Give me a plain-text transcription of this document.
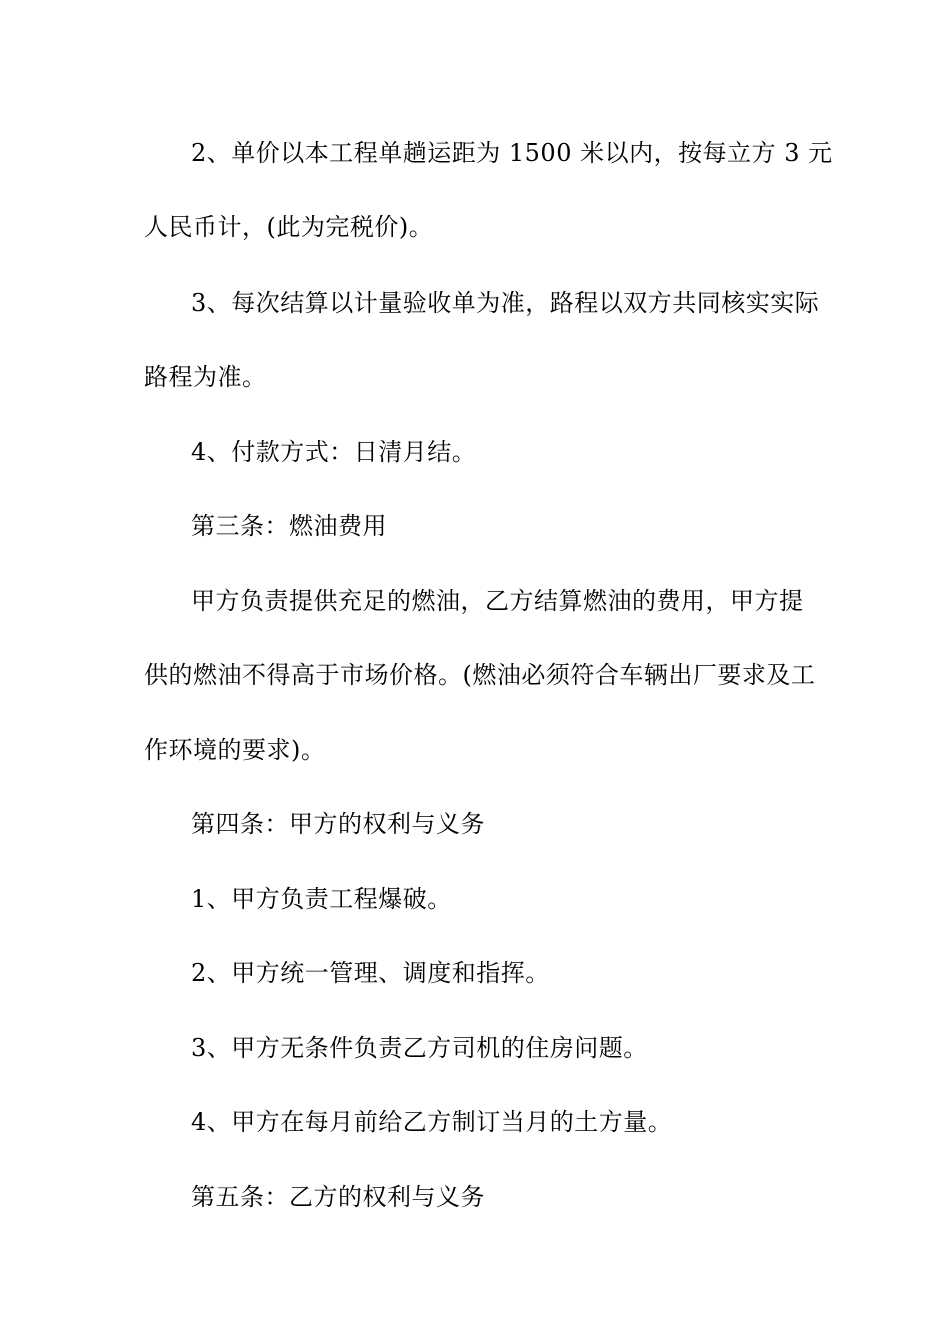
2、单价以本工程单趟运距为 1500 米以内，按每立方 3 元
人民币计，(此为完税价)。
3、每次结算以计量验收单为准，路程以双方共同核实实际
路程为准。
4、付款方式：日清月结。
第三条：燃油费用
甲方负责提供充足的燃油，乙方结算燃油的费用，甲方提
供的燃油不得高于市场价格。(燃油必须符合车辆出厂要求及工
作环境的要求)。
第四条：甲方的权利与义务
1、甲方负责工程爆破。
2、甲方统一管理、调度和指挥。
3、甲方无条件负责乙方司机的住房问题。
4、甲方在每月前给乙方制订当月的土方量。
第五条：乙方的权利与义务
